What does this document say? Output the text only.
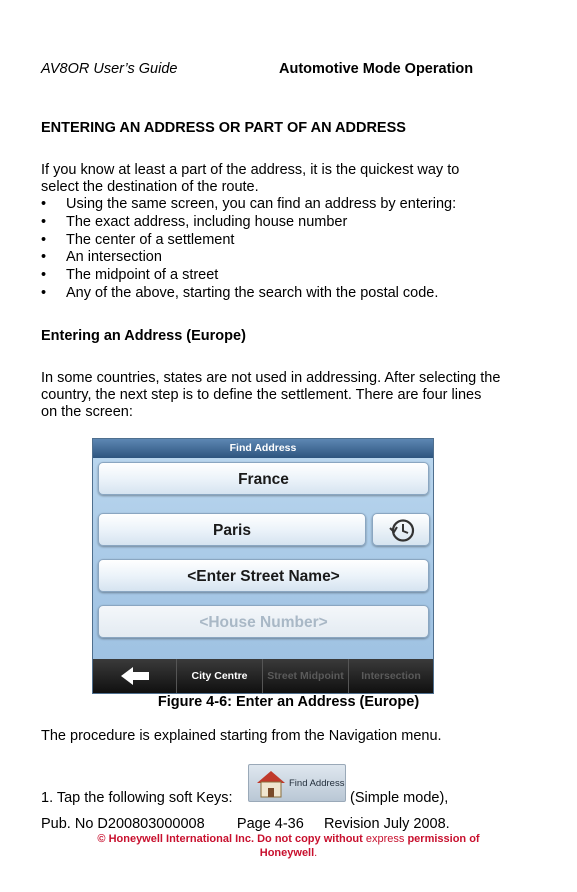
AV8OR User’s Guide	Automotive Mode Operation
ENTERING AN ADDRESS OR PART OF AN ADDRESS
If you know at least a part of the address, it is the quickest way to select the destination of the route.
• Using the same screen, you can find an address by entering:
• The exact address, including house number
• The center of a settlement
• An intersection
• The midpoint of a street
• Any of the above, starting the search with the postal code.
Entering an Address (Europe)
In some countries, states are not used in addressing. After selecting the country, the next step is to define the settlement. There are four lines on the screen:
Find Address
France
Paris
<Enter Street Name>
<House Number>
City Centre	Street Midpoint	Intersection
Figure 4-6: Enter an Address (Europe)
The procedure is explained starting from the Navigation menu.
1. Tap the following soft Keys:
Find Address
(Simple mode),
Pub. No D200803000008        Page 4-36     Revision July 2008.
© Honeywell International Inc. Do not copy without express permission of
Honeywell.
